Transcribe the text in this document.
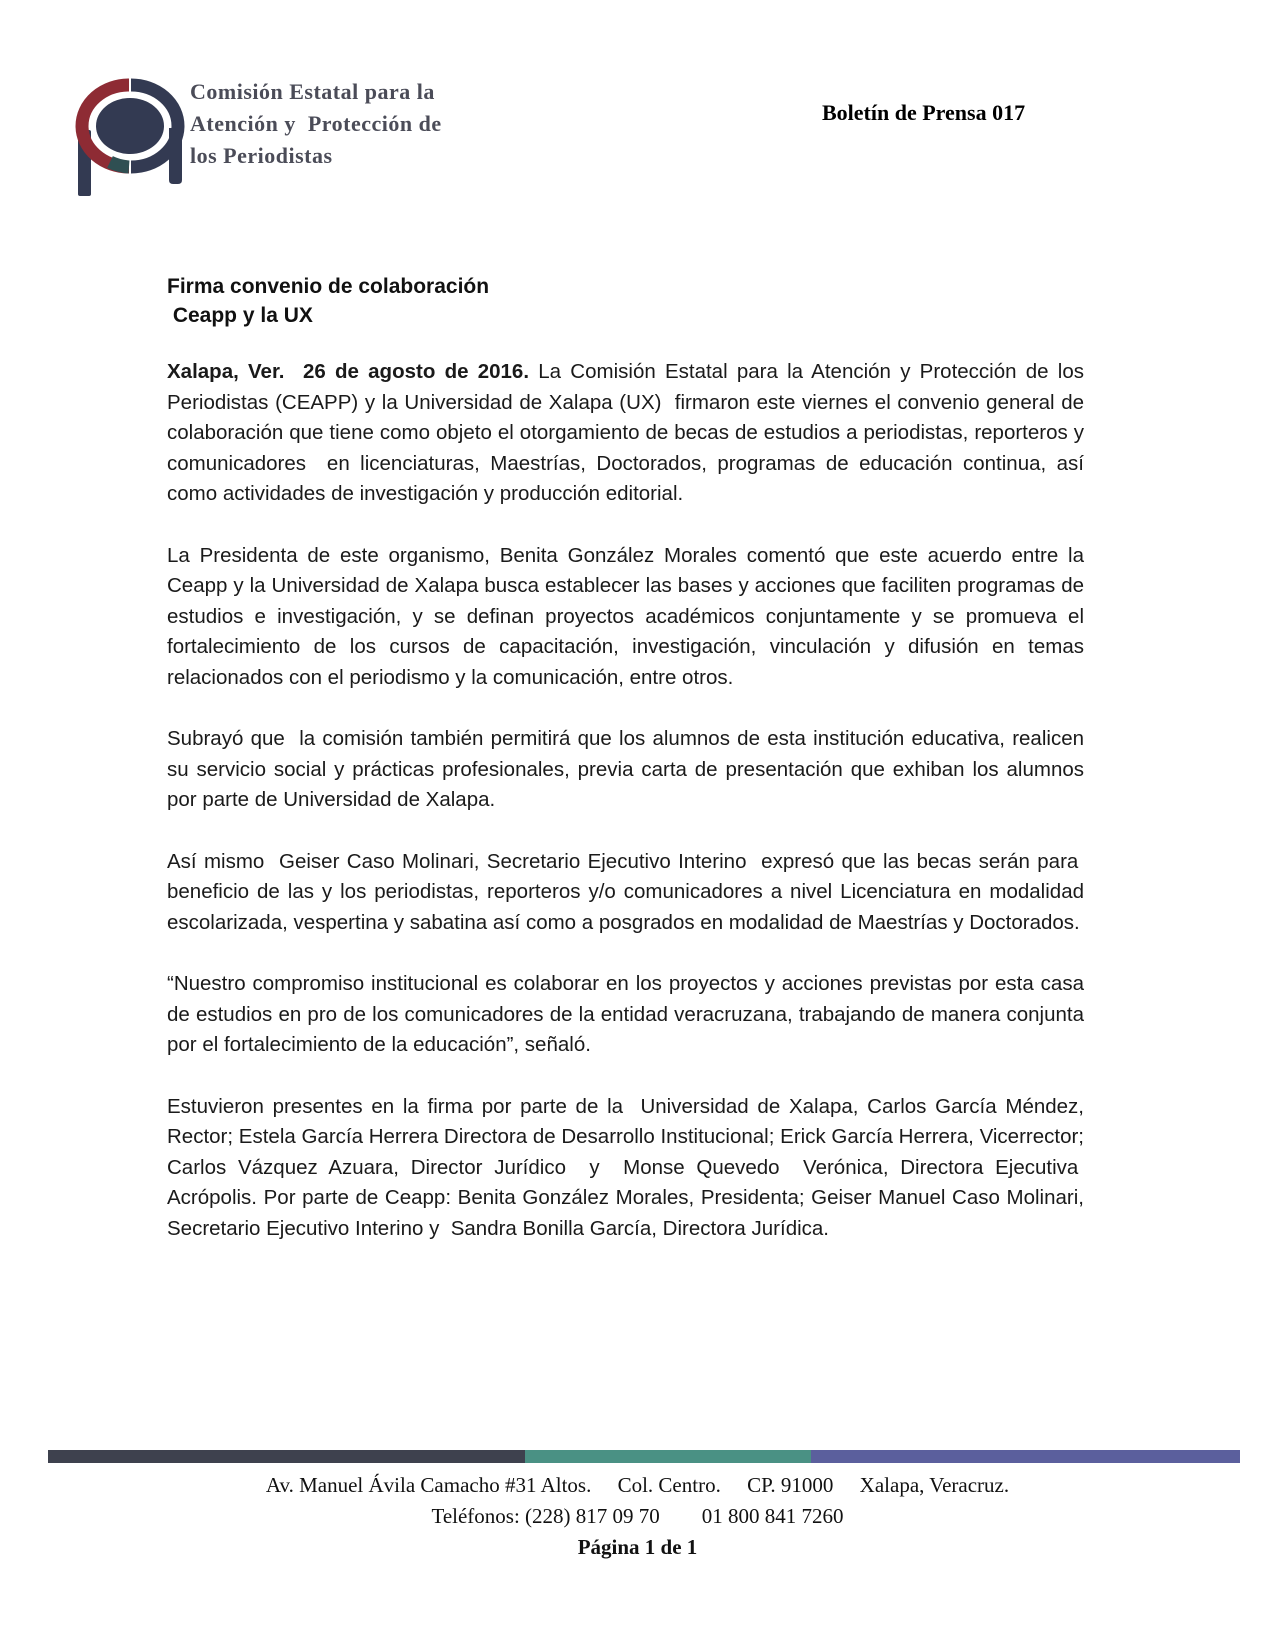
Comisión Estatal para la
Atención y  Protección de
los Periodistas
Boletín de Prensa 017
Firma convenio de colaboración
Ceapp y la UX

Xalapa, Ver.  26 de agosto de 2016. La Comisión Estatal para la Atención y Protección de los Periodistas (CEAPP) y la Universidad de Xalapa (UX)  firmaron este viernes el convenio general de colaboración que tiene como objeto el otorgamiento de becas de estudios a periodistas, reporteros y comunicadores  en licenciaturas, Maestrías, Doctorados, programas de educación continua, así como actividades de investigación y producción editorial.

La Presidenta de este organismo, Benita González Morales comentó que este acuerdo entre la Ceapp y la Universidad de Xalapa busca establecer las bases y acciones que faciliten programas de estudios e investigación, y se definan proyectos académicos conjuntamente y se promueva el fortalecimiento de los cursos de capacitación, investigación, vinculación y difusión en temas relacionados con el periodismo y la comunicación, entre otros.

Subrayó que  la comisión también permitirá que los alumnos de esta institución educativa, realicen su servicio social y prácticas profesionales, previa carta de presentación que exhiban los alumnos por parte de Universidad de Xalapa.

Así mismo  Geiser Caso Molinari, Secretario Ejecutivo Interino  expresó que las becas serán para  beneficio de las y los periodistas, reporteros y/o comunicadores a nivel Licenciatura en modalidad escolarizada, vespertina y sabatina así como a posgrados en modalidad de Maestrías y Doctorados.

“Nuestro compromiso institucional es colaborar en los proyectos y acciones previstas por esta casa de estudios en pro de los comunicadores de la entidad veracruzana, trabajando de manera conjunta por el fortalecimiento de la educación”, señaló.

Estuvieron presentes en la firma por parte de la  Universidad de Xalapa, Carlos García Méndez, Rector; Estela García Herrera Directora de Desarrollo Institucional; Erick García Herrera, Vicerrector; Carlos Vázquez Azuara, Director Jurídico  y  Monse Quevedo  Verónica, Directora Ejecutiva  Acrópolis. Por parte de Ceapp: Benita González Morales, Presidenta; Geiser Manuel Caso Molinari, Secretario Ejecutivo Interino y  Sandra Bonilla García, Directora Jurídica.

Av. Manuel Ávila Camacho #31 Altos.     Col. Centro.     CP. 91000     Xalapa, Veracruz.
Teléfonos: (228) 817 09 70        01 800 841 7260
Página 1 de 1
